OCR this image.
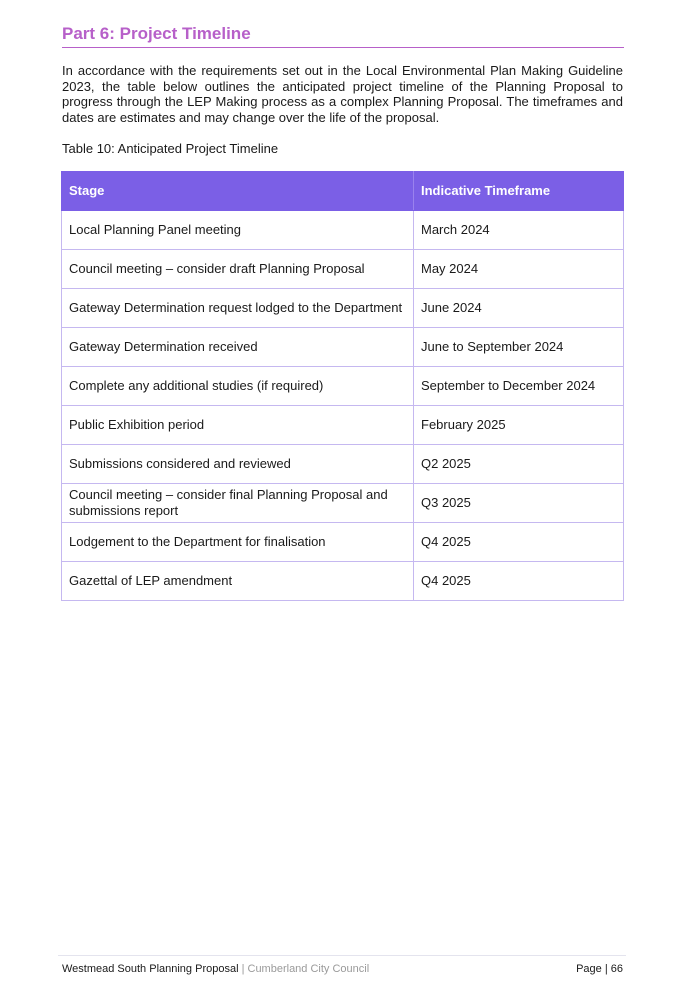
Part 6: Project Timeline

In accordance with the requirements set out in the Local Environmental Plan Making Guideline 2023, the table below outlines the anticipated project timeline of the Planning Proposal to progress through the LEP Making process as a complex Planning Proposal. The timeframes and dates are estimates and may change over the life of the proposal.

Table 10: Anticipated Project Timeline

Stage	Indicative Timeframe
Local Planning Panel meeting	March 2024
Council meeting – consider draft Planning Proposal	May 2024
Gateway Determination request lodged to the Department	June 2024
Gateway Determination received	June to September 2024
Complete any additional studies (if required)	September to December 2024
Public Exhibition period	February 2025
Submissions considered and reviewed	Q2 2025
Council meeting – consider final Planning Proposal and submissions report	Q3 2025
Lodgement to the Department for finalisation	Q4 2025
Gazettal of LEP amendment	Q4 2025
Westmead South Planning Proposal | Cumberland City Council	Page | 66
